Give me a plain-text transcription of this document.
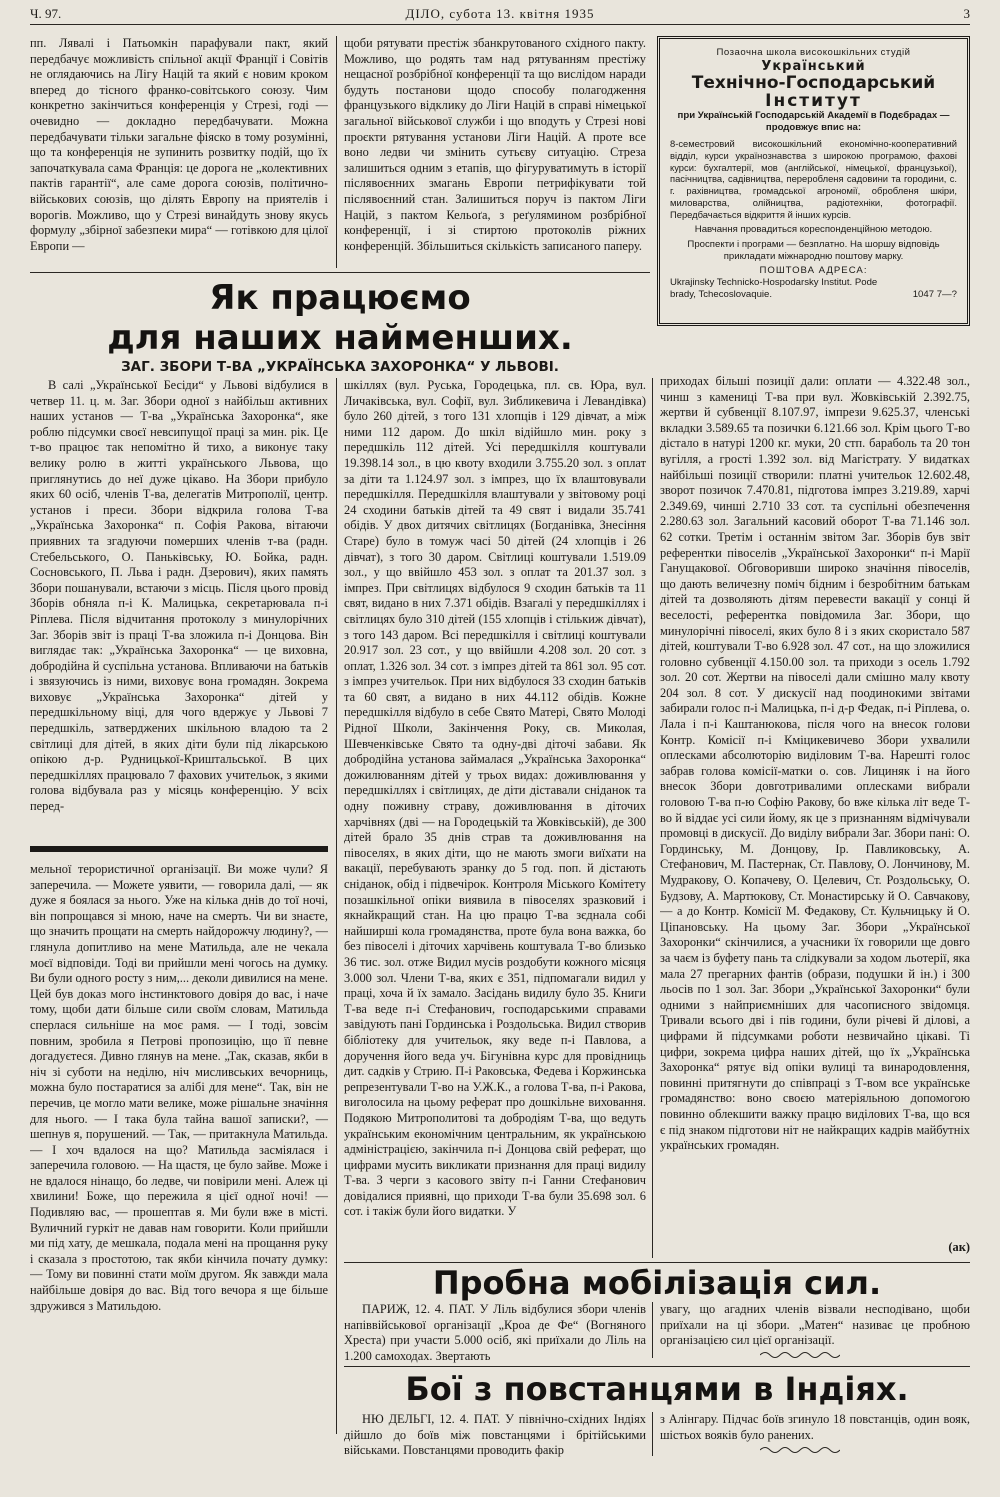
Ч. 97.	ДІЛО, субота 13. квітня 1935	3

пп. Лявалі і Патьомкін парафували пакт, який передбачує можливість спільної акції Франції і Совітів не оглядаючись на Лігу Націй та який є новим кроком вперед до тісного франко-совітського союзу. Чим конкретно закінчиться конференція у Стрезі, годі — очевидно — докладно передбачувати. Можна передбачувати тільки загальне фіяско в тому розумінні, що та конференція не зупинить розвитку подій, що їх започаткувала сама Франція: це дорога не „колективних пактів гарантії“, але саме дорога союзів, політично-військових союзів, що ділять Европу на приятелів і ворогів. Можливо, що у Стрезі винайдуть знову якусь формулу „збірної забезпеки мира“ — готівкою для цілої Европи —

щоби рятувати престіж збанкрутованого східного пакту. Можливо, що родять там над рятуванням престіжу нещасної розбрібної конференції та що вислідом наради будуть постанови щодо способу полагодження французького відклику до Ліги Націй в справі німецької загальної військової служби і що вподуть у Стрезі нові проєкти рятування установи Ліги Націй. А проте все воно ледви чи змінить сутьєву ситуацію. Стреза залишиться одним з етапів, що фігуруватимуть в історії післявоєнних змагань Европи петрифікувати той післявоєнний стан. Залишиться поруч із пактом Ліги Націй, з пактом Кельоґа, з реґулямином розбрібної конференції, і зі стиртою протоколів ріжних конференцій. Збільшиться скількість записаного паперу.

Позаочна школа високошкільних студій
Український
Технічно-Господарський
Інститут
при Українській Господарській Академії в Подєбрадах — продовжує впис на:
8-семестровий високошкільний економічно-кооперативний відділ, курси українознавства з широкою програмою, фахові курси: бухгалтерії, мов (англійської, німецької, французької), пасічництва, садівництва, переробленя садовини та городини, с. г. рахівництва, громадської агрономії, обробленя шкіри, миловарства, олійництва, радіотехніки, фотографії. Передбачається відкриття й інших курсів.
Навчання провадиться кореспонденційною методою.
Проспекти і програми — безплатно. На шоршу відповідь прикладати міжнародню поштову марку.
ПОШТОВА АДРЕСА:
Ukrajinsky Technicko-Hospodarsky Institut. Pode
brady, Tchecoslovaquie.	1047 7—?
Як працюємо
для наших найменших.
ЗАГ. ЗБОРИ Т-ВА „УКРАЇНСЬКА ЗАХОРОНКА“ У ЛЬВОВІ.

В салі „Української Бесіди“ у Львові відбулися в четвер 11. ц. м. Заг. Збори одної з найбільш активних наших установ — Т-ва „Українська Захоронка“, яке роблю підсумки своєї невсипущої праці за мин. рік. Це т-во працює так непомітно й тихо, а виконує таку велику ролю в житті українського Львова, що приглянутись до неї дуже цікаво. На Збори прибуло яких 60 осіб, членів Т-ва, делегатів Митрополії, центр. установ і преси. Збори відкрила голова Т-ва „Українська Захоронка“ п. Софія Ракова, вітаючи приявних та згадуючи померших членів т-ва (радн. Стебельського, О. Паньківську, Ю. Бойка, радн. Сосновського, П. Льва і радн. Дзерович), яких память Збори пошанували, встаючи з місць. Після цього провід Зборів обняла п-і К. Малицька, секретарювала п-і Ріплева. Після відчитання протоколу з минулорічних Заг. Зборів звіт із праці Т-ва зложила п-і Донцова. Він виглядає так: „Українська Захоронка“ — це виховна, добродійна й суспільна установа. Впливаючи на батьків і звязуючись із ними, виховує вона громадян. Зокрема виховує „Українська Захоронка“ дітей у передшкільному віці, для чого вдержує у Львові 7 передшкіль, затверджених шкільною владою та 2 світлиці для дітей, в яких діти були під лікарською опікою д-р. Рудницької-Криштальської. В цих передшкіллях працювало 7 фахових учительок, з якими голова відбувала раз у місяць конференцію. У всіх перед-

шкіллях (вул. Руська, Городецька, пл. св. Юра, вул. Личаківська, вул. Софії, вул. Зибликевича і Левандівка) було 260 дітей, з того 131 хлопців і 129 дівчат, а між ними 112 даром. До шкіл відійшло мин. року з передшкіль 112 дітей. Усі передшкілля коштували 19.398.14 зол., в цю квоту входили 3.755.20 зол. з оплат за діти та 1.124.97 зол. з імпрез, що їх влаштовували передшкілля. Передшкілля влаштували у звітовому році 24 сходини батьків дітей та 49 свят і видали 35.741 обідів. У двох дитячих світлицях (Богданівка, Знесіння Старе) було в томуж часі 50 дітей (24 хлопців і 26 дівчат), з того 30 даром. Світлиці коштували 1.519.09 зол., у що ввійшло 453 зол. з оплат та 201.37 зол. з імпрез. При світлицях відбулося 9 сходин батьків та 11 свят, видано в них 7.371 обідів. Взагалі у передшкіллях і світлицях було 310 дітей (155 хлопців і стількиж дівчат), з того 143 даром. Всі передшкілля і світлиці коштували 20.917 зол. 23 сот., у що ввійшли 4.208 зол. 20 сот. з оплат, 1.326 зол. 34 сот. з імпрез дітей та 861 зол. 95 сот. з імпрез учительок. При них відбулося 33 сходин батьків та 60 свят, а видано в них 44.112 обідів. Кожне передшкілля відбуло в себе Свято Матері, Свято Молоді Рідної Школи, Закінчення Року, св. Миколая, Шевченківське Свято та одну-дві діточі забави. Як добродійна установа займалася „Українська Захоронка“ дожилюванням дітей у трьох видах: доживлювання у передшкіллях і світлицях, де діти діставали сніданок та одну поживну страву, доживлювання в діточих харчівнях (дві — на Городецькій та Жовківській), де 300 дітей брало 35 днів страв та доживлювання на півоселях, в яких діти, що не мають змоги виїхати на вакації, перебувають зранку до 5 год. поп. й дістають сніданок, обід і підвечірок. Контроля Міського Комітету позашкільної опіки виявила в півоселях зразковий і якнайкращий стан. На цю працю Т-ва зєднала собі найширші кола громадянства, проте була вона важка, бо без півоселі і діточих харчівень коштувала Т-во близько 36 тис. зол. отже Видил мусів роздобути кожного місяця 3.000 зол. Члени Т-ва, яких є 351, підпомагали видил у праці, хоча й їх замало. Засідань видилу було 35. Книги Т-ва веде п-і Стефанович, господарськими справами завідують пані Гординська і Роздольська. Видил створив бібліотеку для учительок, яку веде п-і Павлова, а доручення його веда уч. Бігунівна курс для провідниць дит. садків у Стрию. П-і Раковська, Федева і Коржинська репрезентували Т-во на У.Ж.К., а голова Т-ва, п-і Ракова, виголосила на цьому реферат про дошкільне виховання. Подякою Митрополитові та добродіям Т-ва, що ведуть українським економічним центральним, як українською адміністрацією, закінчила п-і Донцова свій реферат, що цифрами мусить викликати признання для праці видилу Т-ва. З черги з касового звіту п-і Ганни Стефанович довідалися приявні, що приходи Т-ва були 35.698 зол. 6 сот. і такіж були його видатки. У

приходах більші позиції дали: оплати — 4.322.48 зол., чинш з камениці Т-ва при вул. Жовківській 2.392.75, жертви й субвенції 8.107.97, імпрези 9.625.37, членські вкладки 3.589.65 та позички 6.121.66 зол. Крім цього Т-во дістало в натурі 1200 кг. муки, 20 стп. бараболь та 20 тон вугілля, а грості 1.392 зол. від Магістрату. У видатках найбільші позиції створили: платні учительок 12.602.48, зворот позичок 7.470.81, підготова імпрез 3.219.89, харчі 2.349.69, чинші 2.710 33 сот. та суспільні обезпечення 2.280.63 зол. Загальний касовий оборот Т-ва 71.146 зол. 62 сотки. Третім і останнім звітом Заг. Зборів був звіт референтки півоселів „Української Захоронки“ п-і Марії Ганущакової. Обговоривши широко значіння півоселів, що дають величезну поміч бідним і безробітним батькам дітей та дозволяють дітям перевести вакації у сонці й веселості, референтка повідомила Заг. Збори, що минулорічні півоселі, яких було 8 і з яких скористало 587 дітей, коштували Т-во 6.928 зол. 47 сот., на що зложилися головно субвенції 4.150.00 зол. та приходи з осель 1.792 зол. 20 сот. Жертви на півоселі дали смішно малу квоту 204 зол. 8 сот. У дискусії над поодинокими звітами забирали голос п-і Малицька, п-і д-р Федак, п-і Ріплева, о. Лала і п-і Каштанюкова, після чого на внесок голови Контр. Комісії п-і Кміцикевичево Збори ухвалили оплесками абсолюторію виділовим Т-ва. Нарешті голос забрав голова комісії-матки о. сов. Лициняк і на його внесок Збори довготривалими оплесками вибрали головою Т-ва п-ю Софію Ракову, бо вже кілька літ веде Т-во й віддає усі сили йому, як це з признанням відмічували промовці в дискусії. До виділу вибрали Заг. Збори пані: О. Гординську, М. Донцову, Ір. Павликовську, А. Стефанович, М. Пастернак, Ст. Павлову, О. Лончинову, М. Мудракову, О. Копачеву, О. Целевич, Ст. Роздольську, О. Будзову, А. Мартюкову, Ст. Монастирську й О. Савчакову, — а до Контр. Комісії М. Федакову, Ст. Кульчицьку й О. Ціпановську. На цьому Заг. Збори „Української Захоронки“ скінчилися, а учасники їх говорили ще довго за чаєм із буфету пань та слідкували за ходом льотерії, яка мала 27 прегарних фантів (образи, подушки й ін.) і 300 льосів по 1 зол. Заг. Збори „Української Захоронки“ були одними з найприємніших для часописного звідомця. Тривали всього дві і пів години, були річеві й ділові, а цифрами й підсумками роботи незвичайно цікаві. Ті цифри, зокрема цифра наших дітей, що їх „Українська Захоронка“ рятує від опіки вулиці та винародовлення, повинні притягнути до співпраці з Т-вом все українське громадянство: воно своєю матеріяльною допомогою повинно облекшити важку працю виділових Т-ва, що вся є під знаком підготови ніт не найкращих кадрів майбутніх українських громадян.

(ак)

мельної терористичної організації. Ви може чули? Я заперечила. — Можете уявити, — говорила далі, — як дуже я боялася за нього. Уже на кілька днів до тої ночі, він попрощався зі мною, наче на смерть. Чи ви знаєте, що значить прощати на смерть найдорожчу людину?, — глянула допитливо на мене Матильда, але не чекала моєї відповіди. Тоді ви прийшли мені чогось на думку. Ви були одного росту з ним,... деколи дивилися на мене. Цей був доказ мого інстинктового довіря до вас, і наче тому, щоби дати більше сили своїм словам, Матильда сперлася сильніше на моє рамя. — І тоді, зовсім повним, зробила я Петрові пропозицію, що її певне догадуєтеся. Дивно глянув на мене. „Так, сказав, якби в ніч зі суботи на неділю, ніч мисливських вечорниць, можна було постаратися за алібі для мене“. Так, він не перечив, це могло мати велике, може рішальне значіння для нього. — І така була тайна вашої записки?, — шепнув я, порушений. — Так, — притакнула Матильда. — І хоч вдалося на що? Матильда засміялася і заперечила головою. — На щастя, це було зайве. Може і не вдалося нінащо, бо ледве, чи повірили мені. Алеж ці хвилини! Боже, що пережила я цієї одної ночі! — Подивляю вас, — прошептав я. Ми були вже в місті. Вуличний гуркіт не давав нам говорити. Коли прийшли ми під хату, де мешкала, подала мені на прощання руку і сказала з простотою, так якби кінчила почату думку: — Тому ви повинні стати моїм другом. Як завжди мала найбільше довіря до вас. Від того вечора я ще більше здружився з Матильдою.

Пробна мобілізація сил.

ПАРИЖ, 12. 4. ПАТ. У Ліль відбулися збори членів напіввійськової організації „Кроа де Фе“ (Вогняного Хреста) при участи 5.000 осіб, які приїхали до Ліль на 1.200 самоходах. Звертають

увагу, що агадних членів візвали несподівано, щоби приїхали на ці збори. „Матен“ називає це пробною організацією сил цієї організації.

Бої з повстанцями в Індіях.

НЮ ДЕЛЬГІ, 12. 4. ПАТ. У північно-східних Індіях дійшло до боїв між повстанцями і брітійськими військами. Повстанцями проводить факір

з Алінгару. Підчас боїв згинуло 18 повстанців, один вояк, шістьох вояків було ранених.
